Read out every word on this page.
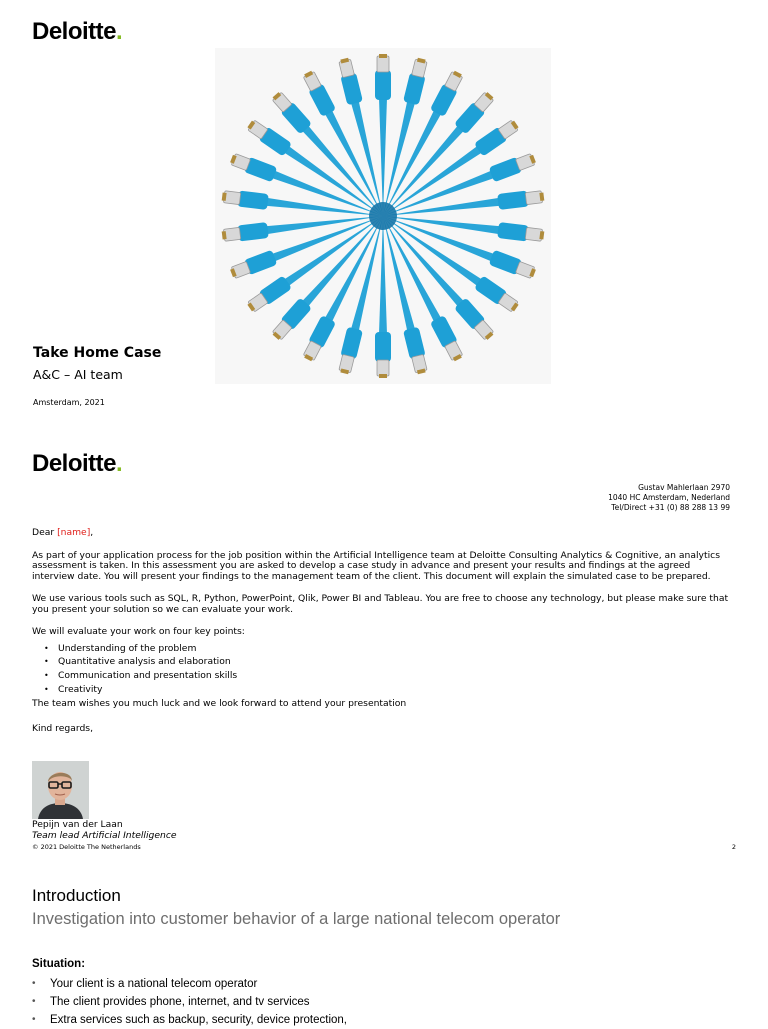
Deloitte.
Take Home Case
A&C – AI team
Amsterdam, 2021
Deloitte.
Gustav Mahlerlaan 2970
1040 HC Amsterdam, Nederland
Tel/Direct +31 (0) 88 288 13 99

Dear [name],

As part of your application process for the job position within the Artificial Intelligence team at Deloitte Consulting Analytics & Cognitive, an analytics assessment is taken. In this assessment you are asked to develop a case study in advance and present your results and findings at the agreed interview date. You will present your findings to the management team of the client. This document will explain the simulated case to be prepared.

We use various tools such as SQL, R, Python, PowerPoint, Qlik, Power BI and Tableau. You are free to choose any technology, but please make sure that you present your solution so we can evaluate your work.

We will evaluate your work on four key points:

• Understanding of the problem
• Quantitative analysis and elaboration
• Communication and presentation skills
• Creativity

The team wishes you much luck and we look forward to attend your presentation

Kind regards,

Pepijn van der Laan
Team lead Artificial Intelligence
© 2021 Deloitte The Netherlands	2
Introduction
Investigation into customer behavior of a large national telecom operator
Situation:
• Your client is a national telecom operator
• The client provides phone, internet, and tv services
• Extra services such as backup, security, device protection,
